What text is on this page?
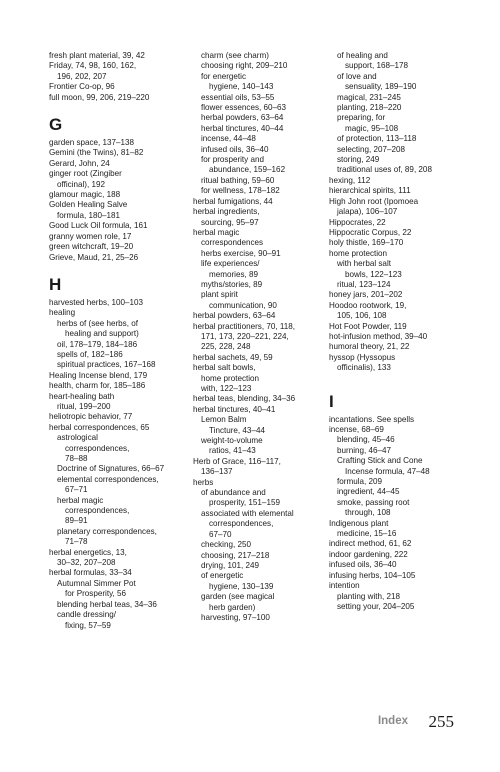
fresh plant material, 39, 42
Friday, 74, 98, 160, 162,
196, 202, 207
Frontier Co-op, 96
full moon, 99, 206, 219–220
G
garden space, 137–138
Gemini (the Twins), 81–82
Gerard, John, 24
ginger root (Zingiber
officinal), 192
glamour magic, 188
Golden Healing Salve
formula, 180–181
Good Luck Oil formula, 161
granny women role, 17
green witchcraft, 19–20
Grieve, Maud, 21, 25–26
H
harvested herbs, 100–103
healing
herbs of (see herbs, of
healing and support)
oil, 178–179, 184–186
spells of, 182–186
spiritual practices, 167–168
Healing Incense blend, 179
health, charm for, 185–186
heart-healing bath
ritual, 199–200
heliotropic behavior, 77
herbal correspondences, 65
astrological
correspondences,
78–88
Doctrine of Signatures, 66–67
elemental correspondences,
67–71
herbal magic
correspondences,
89–91
planetary correspondences,
71–78
herbal energetics, 13,
30–32, 207–208
herbal formulas, 33–34
Autumnal Simmer Pot
for Prosperity, 56
blending herbal teas, 34–36
candle dressing/
fixing, 57–59
charm (see charm)
choosing right, 209–210
for energetic
hygiene, 140–143
essential oils, 53–55
flower essences, 60–63
herbal powders, 63–64
herbal tinctures, 40–44
incense, 44–48
infused oils, 36–40
for prosperity and
abundance, 159–162
ritual bathing, 59–60
for wellness, 178–182
herbal fumigations, 44
herbal ingredients,
sourcing, 95–97
herbal magic
correspondences
herbs exercise, 90–91
life experiences/
memories, 89
myths/stories, 89
plant spirit
communication, 90
herbal powders, 63–64
herbal practitioners, 70, 118,
171, 173, 220–221, 224,
225, 228, 248
herbal sachets, 49, 59
herbal salt bowls,
home protection
with, 122–123
herbal teas, blending, 34–36
herbal tinctures, 40–41
Lemon Balm
Tincture, 43–44
weight-to-volume
ratios, 41–43
Herb of Grace, 116–117,
136–137
herbs
of abundance and
prosperity, 151–159
associated with elemental
correspondences,
67–70
checking, 250
choosing, 217–218
drying, 101, 249
of energetic
hygiene, 130–139
garden (see magical
herb garden)
harvesting, 97–100
of healing and
support, 168–178
of love and
sensuality, 189–190
magical, 231–245
planting, 218–220
preparing, for
magic, 95–108
of protection, 113–118
selecting, 207–208
storing, 249
traditional uses of, 89, 208
hexing, 112
hierarchical spirits, 111
High John root (Ipomoea
jalapa), 106–107
Hippocrates, 22
Hippocratic Corpus, 22
holy thistle, 169–170
home protection
with herbal salt
bowls, 122–123
ritual, 123–124
honey jars, 201–202
Hoodoo rootwork, 19,
105, 106, 108
Hot Foot Powder, 119
hot-infusion method, 39–40
humoral theory, 21, 22
hyssop (Hyssopus
officinalis), 133
I
incantations. See spells
incense, 68–69
blending, 45–46
burning, 46–47
Crafting Stick and Cone
Incense formula, 47–48
formula, 209
ingredient, 44–45
smoke, passing root
through, 108
Indigenous plant
medicine, 15–16
indirect method, 61, 62
indoor gardening, 222
infused oils, 36–40
infusing herbs, 104–105
intention
planting with, 218
setting your, 204–205
Index 255
